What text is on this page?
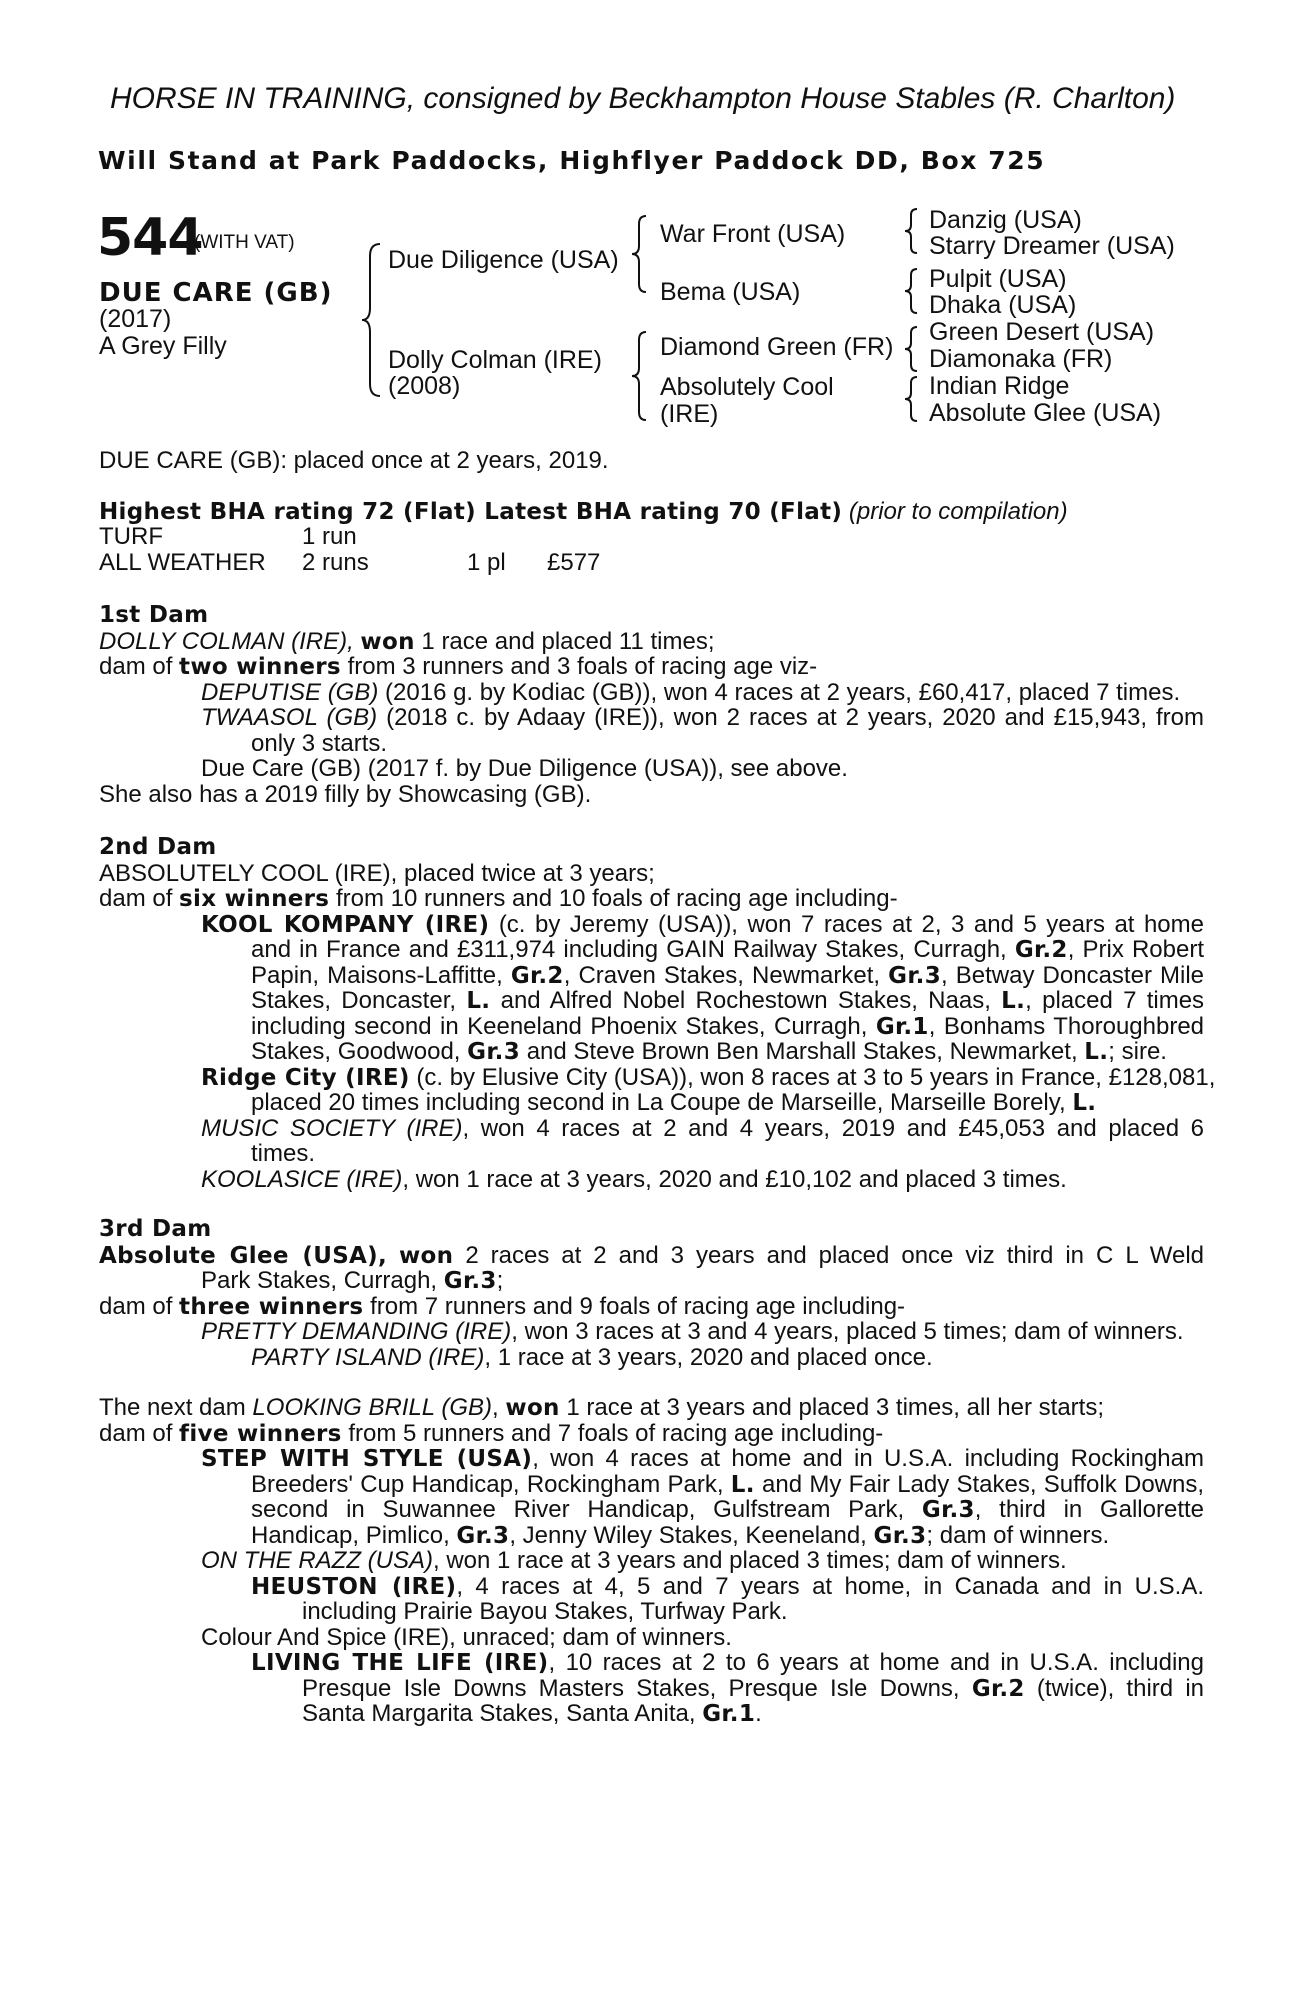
HORSE IN TRAINING, consigned by Beckhampton House Stables (R. Charlton)
Will Stand at Park Paddocks, Highflyer Paddock DD, Box 725
544
(WITH VAT)
DUE CARE (GB)
(2017)
A Grey Filly
Due Diligence (USA)
Dolly Colman (IRE)
(2008)
War Front (USA)
Bema (USA)
Diamond Green (FR)
Absolutely Cool
(IRE)
Danzig (USA)
Starry Dreamer (USA)
Pulpit (USA)
Dhaka (USA)
Green Desert (USA)
Diamonaka (FR)
Indian Ridge
Absolute Glee (USA)
DUE CARE (GB): placed once at 2 years, 2019.
Highest BHA rating 72 (Flat) Latest BHA rating 70 (Flat) (prior to compilation)
TURF	1 run
ALL WEATHER 2 runs	1 pl £577
1st Dam
DOLLY COLMAN (IRE), won 1 race and placed 11 times;
dam of two winners from 3 runners and 3 foals of racing age viz-
DEPUTISE (GB) (2016 g. by Kodiac (GB)), won 4 races at 2 years, £60,417, placed 7 times.
TWAASOL (GB) (2018 c. by Adaay (IRE)), won 2 races at 2 years, 2020 and £15,943, from
only 3 starts.
Due Care (GB) (2017 f. by Due Diligence (USA)), see above.
She also has a 2019 filly by Showcasing (GB).
2nd Dam
ABSOLUTELY COOL (IRE), placed twice at 3 years;
dam of six winners from 10 runners and 10 foals of racing age including-
KOOL KOMPANY (IRE) (c. by Jeremy (USA)), won 7 races at 2, 3 and 5 years at home
and in France and £311,974 including GAIN Railway Stakes, Curragh, Gr.2, Prix Robert
Papin, Maisons-Laffitte, Gr.2, Craven Stakes, Newmarket, Gr.3, Betway Doncaster Mile
Stakes, Doncaster, L. and Alfred Nobel Rochestown Stakes, Naas, L., placed 7 times
including second in Keeneland Phoenix Stakes, Curragh, Gr.1, Bonhams Thoroughbred
Stakes, Goodwood, Gr.3 and Steve Brown Ben Marshall Stakes, Newmarket, L.; sire.
Ridge City (IRE) (c. by Elusive City (USA)), won 8 races at 3 to 5 years in France, £128,081,
placed 20 times including second in La Coupe de Marseille, Marseille Borely, L.
MUSIC SOCIETY (IRE), won 4 races at 2 and 4 years, 2019 and £45,053 and placed 6
times.
KOOLASICE (IRE), won 1 race at 3 years, 2020 and £10,102 and placed 3 times.
3rd Dam
Absolute Glee (USA), won 2 races at 2 and 3 years and placed once viz third in C L Weld
Park Stakes, Curragh, Gr.3;
dam of three winners from 7 runners and 9 foals of racing age including-
PRETTY DEMANDING (IRE), won 3 races at 3 and 4 years, placed 5 times; dam of winners.
PARTY ISLAND (IRE), 1 race at 3 years, 2020 and placed once.
The next dam LOOKING BRILL (GB), won 1 race at 3 years and placed 3 times, all her starts;
dam of five winners from 5 runners and 7 foals of racing age including-
STEP WITH STYLE (USA), won 4 races at home and in U.S.A. including Rockingham
Breeders' Cup Handicap, Rockingham Park, L. and My Fair Lady Stakes, Suffolk Downs,
second in Suwannee River Handicap, Gulfstream Park, Gr.3, third in Gallorette
Handicap, Pimlico, Gr.3, Jenny Wiley Stakes, Keeneland, Gr.3; dam of winners.
ON THE RAZZ (USA), won 1 race at 3 years and placed 3 times; dam of winners.
HEUSTON (IRE), 4 races at 4, 5 and 7 years at home, in Canada and in U.S.A.
including Prairie Bayou Stakes, Turfway Park.
Colour And Spice (IRE), unraced; dam of winners.
LIVING THE LIFE (IRE), 10 races at 2 to 6 years at home and in U.S.A. including
Presque Isle Downs Masters Stakes, Presque Isle Downs, Gr.2 (twice), third in
Santa Margarita Stakes, Santa Anita, Gr.1.
